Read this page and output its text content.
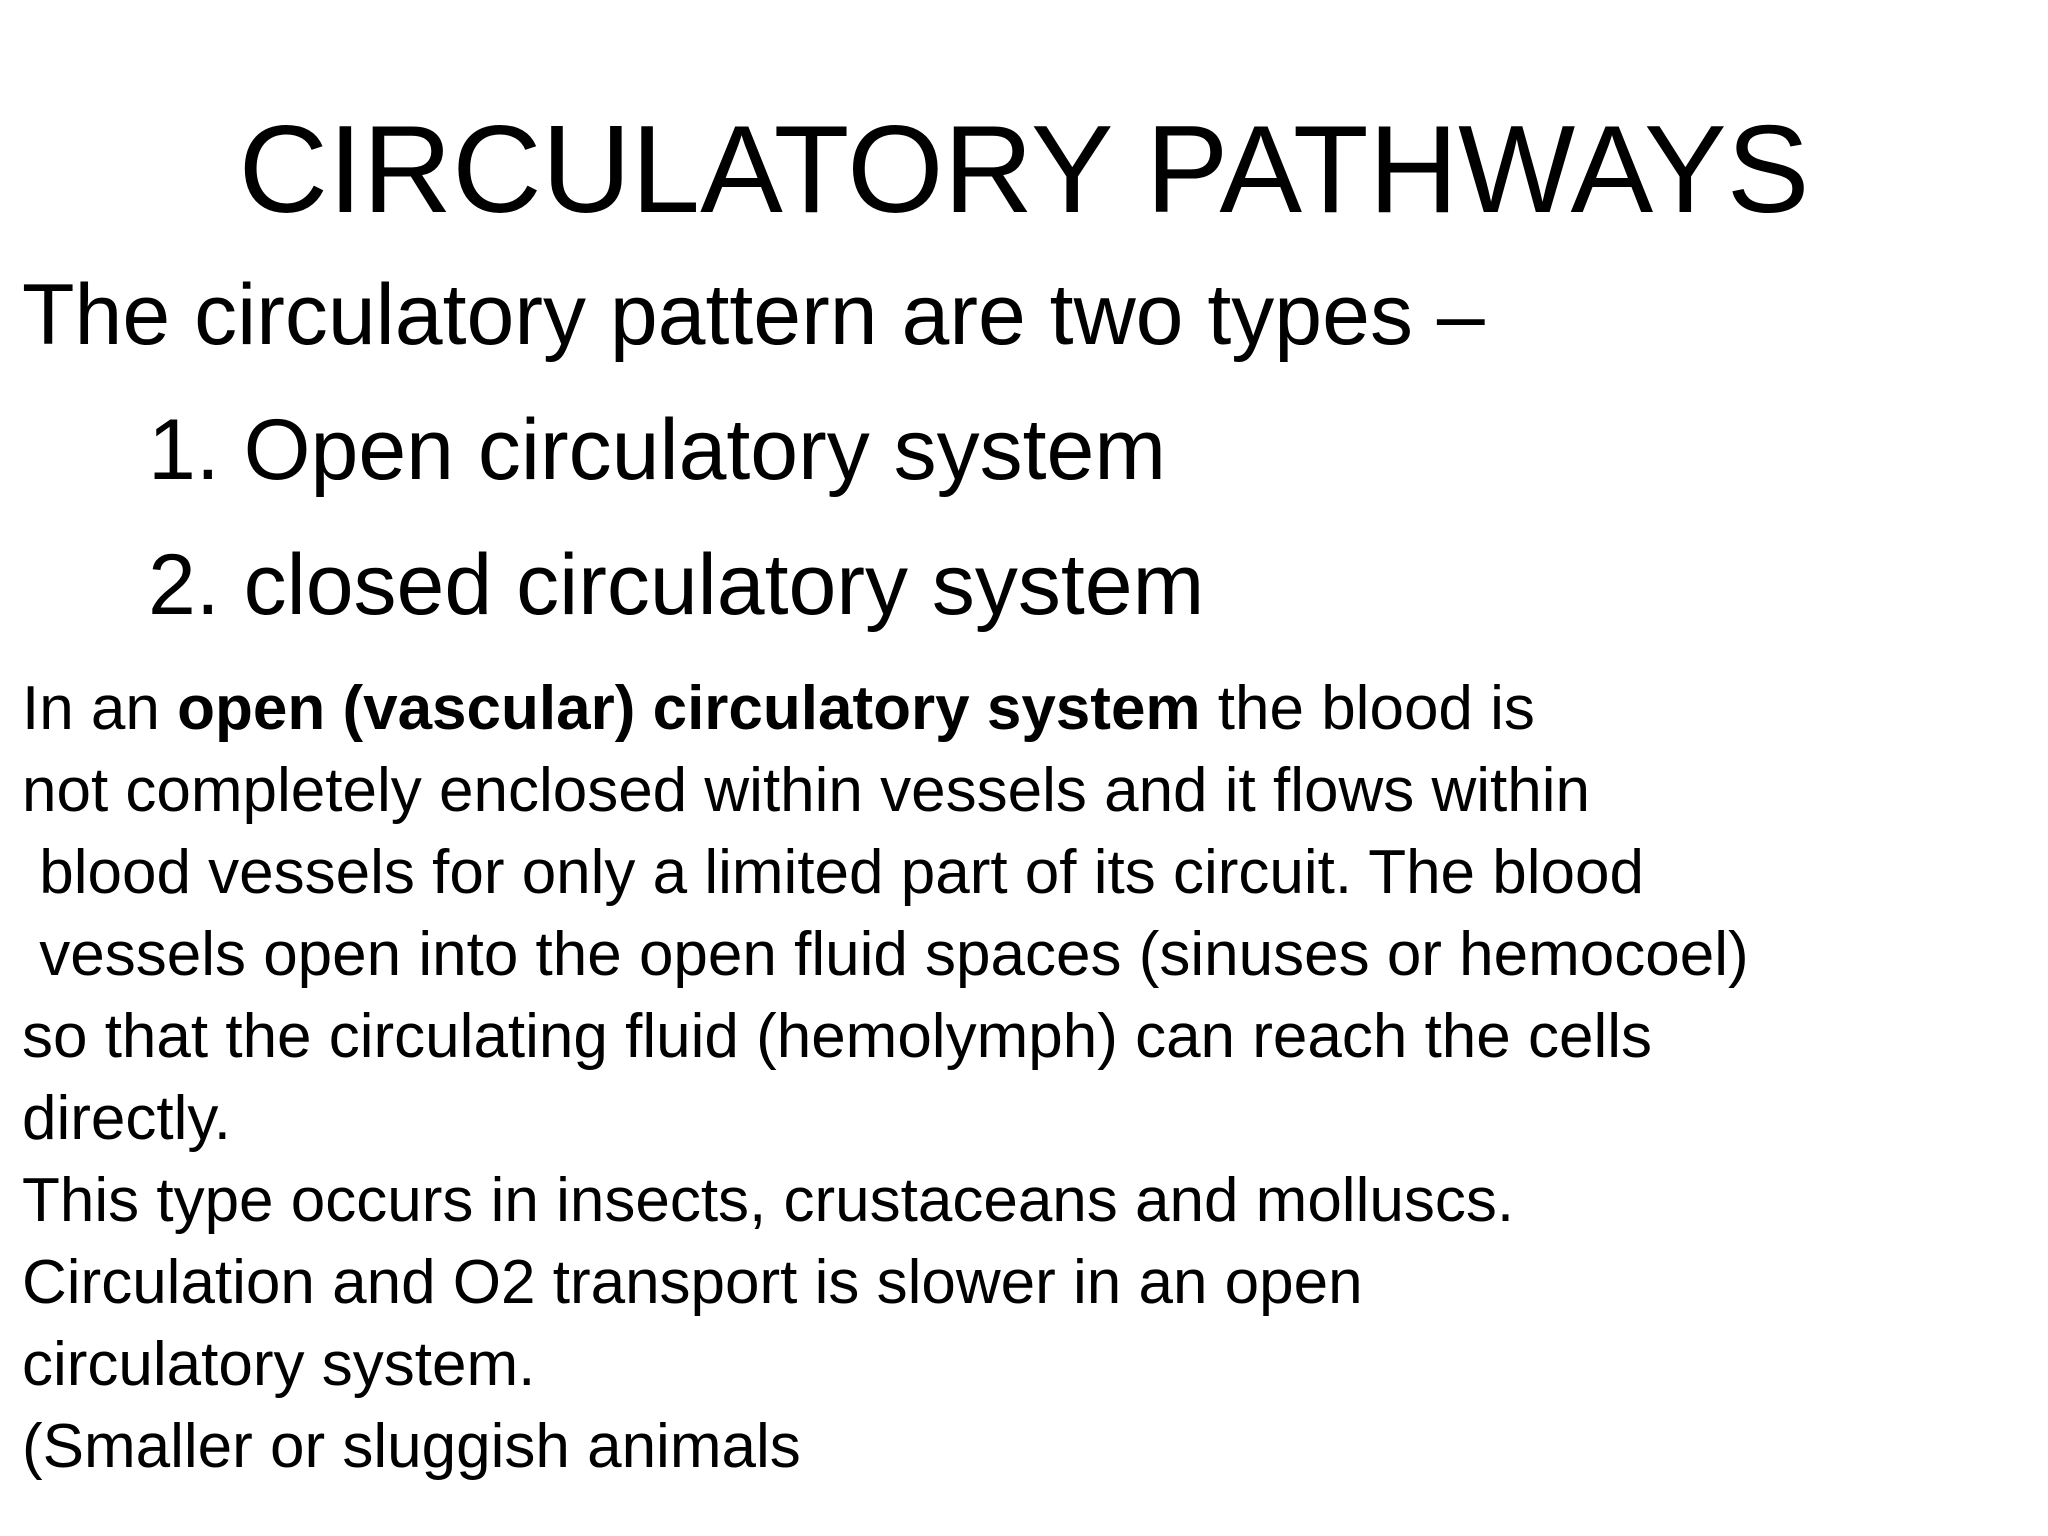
CIRCULATORY PATHWAYS
The circulatory pattern are two types –
1. Open circulatory system
2. closed circulatory system
In an open (vascular) circulatory system the blood is
not completely enclosed within vessels and it flows within
blood vessels for only a limited part of its circuit. The blood
vessels open into the open fluid spaces (sinuses or hemocoel)
so that the circulating fluid (hemolymph) can reach the cells
directly.
This type occurs in insects, crustaceans and molluscs.
Circulation and O2 transport is slower in an open
circulatory system.
(Smaller or sluggish animals
